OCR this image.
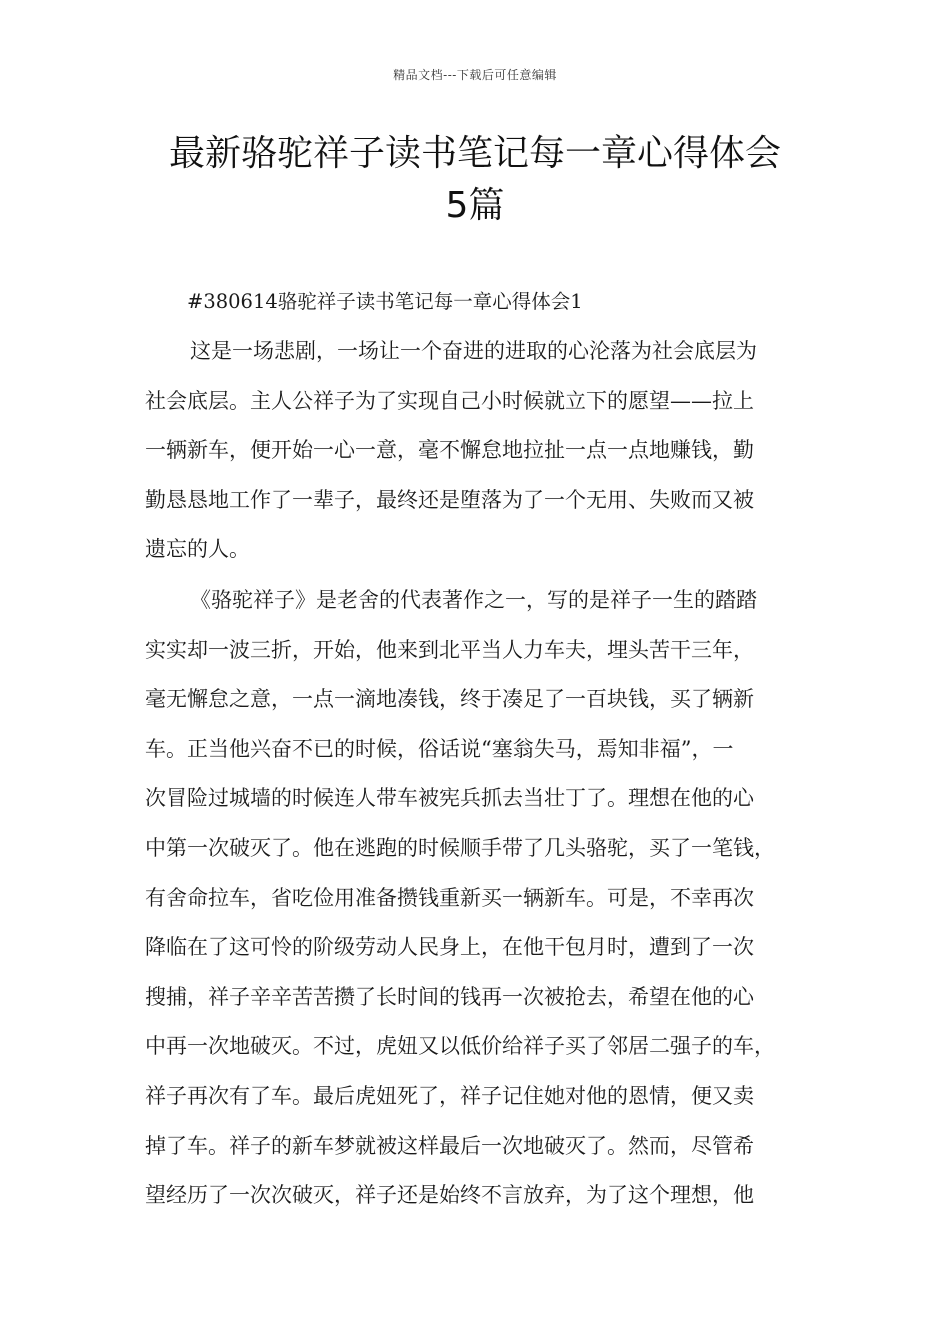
精品文档---下载后可任意编辑
最新骆驼祥子读书笔记每一章心得体会
5篇
#380614骆驼祥子读书笔记每一章心得体会1
这是一场悲剧，一场让一个奋进的进取的心沦落为社会底层为
社会底层。主人公祥子为了实现自己小时候就立下的愿望——拉上
一辆新车，便开始一心一意，毫不懈怠地拉扯一点一点地赚钱，勤
勤恳恳地工作了一辈子，最终还是堕落为了一个无用、失败而又被
遗忘的人。
《骆驼祥子》是老舍的代表著作之一，写的是祥子一生的踏踏
实实却一波三折，开始，他来到北平当人力车夫，埋头苦干三年，
毫无懈怠之意，一点一滴地凑钱，终于凑足了一百块钱，买了辆新
车。正当他兴奋不已的时候，俗话说“塞翁失马，焉知非福”，一
次冒险过城墙的时候连人带车被宪兵抓去当壮丁了。理想在他的心
中第一次破灭了。他在逃跑的时候顺手带了几头骆驼，买了一笔钱，
有舍命拉车，省吃俭用准备攒钱重新买一辆新车。可是，不幸再次
降临在了这可怜的阶级劳动人民身上，在他干包月时，遭到了一次
搜捕，祥子辛辛苦苦攒了长时间的钱再一次被抢去，希望在他的心
中再一次地破灭。不过，虎妞又以低价给祥子买了邻居二强子的车，
祥子再次有了车。最后虎妞死了，祥子记住她对他的恩情，便又卖
掉了车。祥子的新车梦就被这样最后一次地破灭了。然而，尽管希
望经历了一次次破灭，祥子还是始终不言放弃，为了这个理想，他
